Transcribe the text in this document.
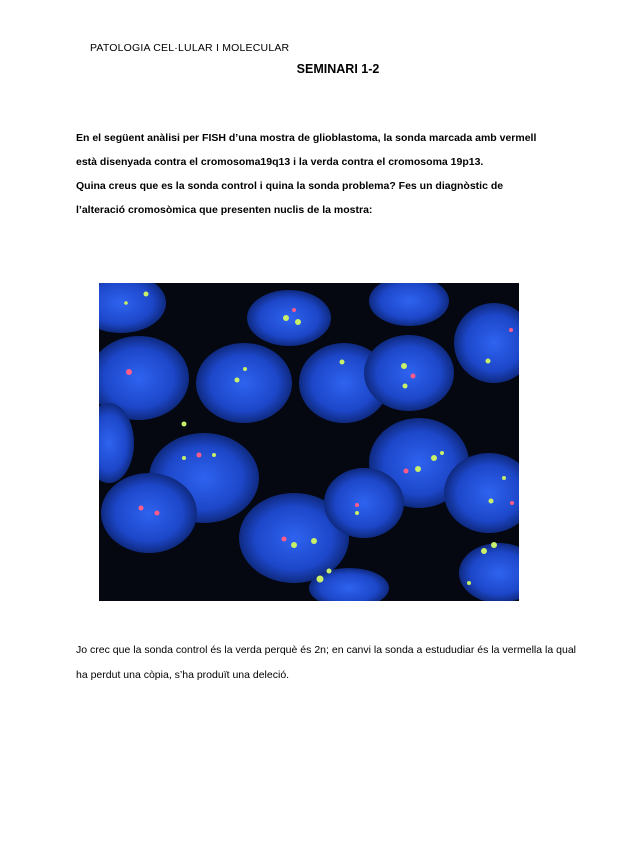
PATOLOGIA CEL·LULAR I MOLECULAR
SEMINARI 1-2

En el següent anàlisi per FISH d’una mostra de glioblastoma, la sonda marcada amb vermell està disenyada contra el cromosoma19q13 i la verda contra el cromosoma 19p13.

Quina creus que es la sonda control i quina la sonda problema? Fes un diagnòstic de l’alteració cromosòmica que presenten nuclis de la mostra:

Jo crec que la sonda control és la verda perquè és 2n; en canvi la sonda a estududiar és la vermella la qual ha perdut una còpia, s’ha produït una deleció.
